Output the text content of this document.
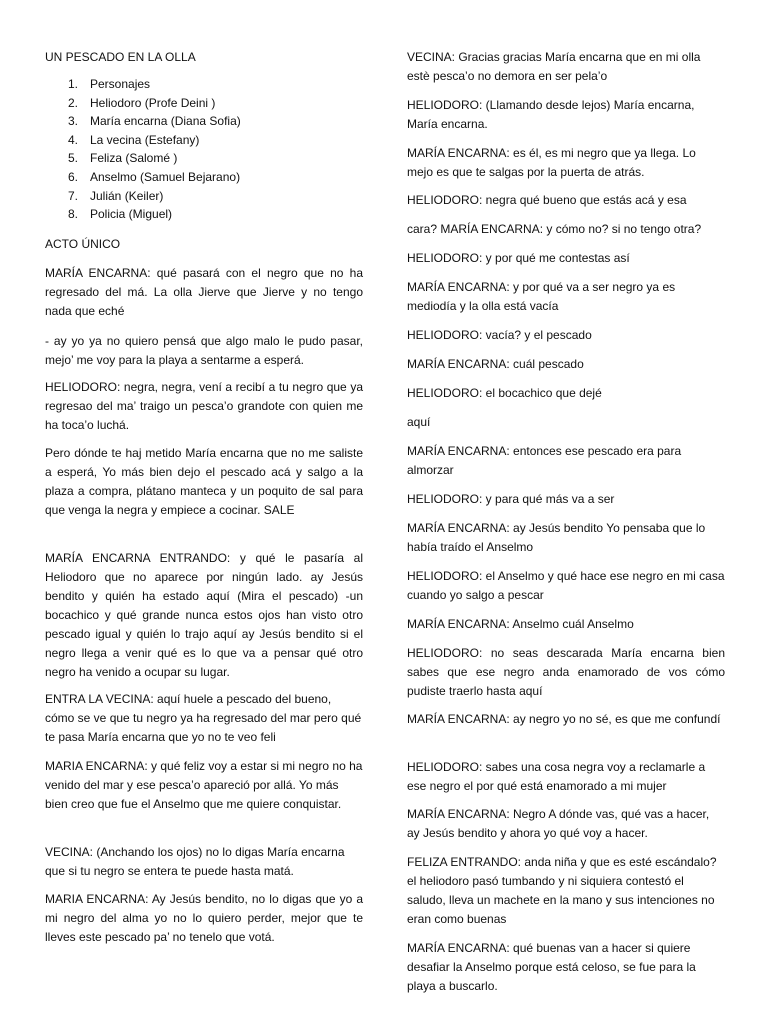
UN PESCADO EN LA OLLA
1. Personajes
2. Heliodoro (Profe Deini )
3. María encarna (Diana Sofia)
4. La vecina (Estefany)
5. Feliza (Salomé )
6. Anselmo (Samuel Bejarano)
7. Julián (Keiler)
8. Policia (Miguel)
ACTO ÚNICO

MARÍA ENCARNA: qué pasará con el negro que no ha regresado del má. La olla Jierve que Jierve y no tengo nada que eché

- ay yo ya no quiero pensá que algo malo le pudo pasar, mejo’ me voy para la playa a sentarme a esperá.

HELIODORO: negra, negra, vení a recibí a tu negro que ya regresao del ma’ traigo un pesca’o grandote con quien me ha toca’o luchá.

Pero dónde te haj metido María encarna que no me saliste a esperá, Yo más bien dejo el pescado acá y salgo a la plaza a compra, plátano manteca y un poquito de sal para que venga la negra y empiece a cocinar. SALE

MARÍA ENCARNA ENTRANDO: y qué le pasaría al Heliodoro que no aparece por ningún lado. ay Jesús bendito y quién ha estado aquí (Mira el pescado) -un bocachico y qué grande nunca estos ojos han visto otro pescado igual y quién lo trajo aquí ay Jesús bendito si el negro llega a venir qué es lo que va a pensar qué otro negro ha venido a ocupar su lugar.

ENTRA LA VECINA: aquí huele a pescado del bueno, cómo se ve que tu negro ya ha regresado del mar pero qué te pasa María encarna que yo no te veo feli

MARIA ENCARNA: y qué feliz voy a estar si mi negro no ha venido del mar y ese pesca’o apareció por allá. Yo más bien creo que fue el Anselmo que me quiere conquistar.

VECINA: (Anchando los ojos) no lo digas María encarna que si tu negro se entera te puede hasta matá.

MARIA ENCARNA: Ay Jesús bendito, no lo digas que yo a mi negro del alma yo no lo quiero perder, mejor que te lleves este pescado pa’ no tenelo que votá.

VECINA: Gracias gracias María encarna que en mi olla estè pesca’o no demora en ser pela’o

HELIODORO: (Llamando desde lejos) María encarna, María encarna.

MARÍA ENCARNA: es él, es mi negro que ya llega. Lo mejo es que te salgas por la puerta de atrás.

HELIODORO: negra qué bueno que estás acá y esa

cara? MARÍA ENCARNA: y cómo no? si no tengo otra?

HELIODORO: y por qué me contestas así

MARÍA ENCARNA: y por qué va a ser negro ya es mediodía y la olla está vacía

HELIODORO: vacía? y el pescado

MARÍA ENCARNA: cuál pescado

HELIODORO: el bocachico que dejé

aquí

MARÍA ENCARNA: entonces ese pescado era para almorzar

HELIODORO: y para qué más va a ser

MARÍA ENCARNA: ay Jesús bendito Yo pensaba que lo había traído el Anselmo

HELIODORO: el Anselmo y qué hace ese negro en mi casa cuando yo salgo a pescar

MARÍA ENCARNA: Anselmo cuál Anselmo

HELIODORO: no seas descarada María encarna bien sabes que ese negro anda enamorado de vos cómo pudiste traerlo hasta aquí

MARÍA ENCARNA: ay negro yo no sé, es que me confundí

HELIODORO: sabes una cosa negra voy a reclamarle a ese negro el por qué está enamorado a mi mujer

MARÍA ENCARNA: Negro A dónde vas, qué vas a hacer, ay Jesús bendito y ahora yo qué voy a hacer.

FELIZA ENTRANDO: anda niña y que es esté escándalo? el heliodoro pasó tumbando y ni siquiera contestó el saludo, lleva un machete en la mano y sus intenciones no eran como buenas

MARÍA ENCARNA: qué buenas van a hacer si quiere desafiar la Anselmo porque está celoso, se fue para la playa a buscarlo.
